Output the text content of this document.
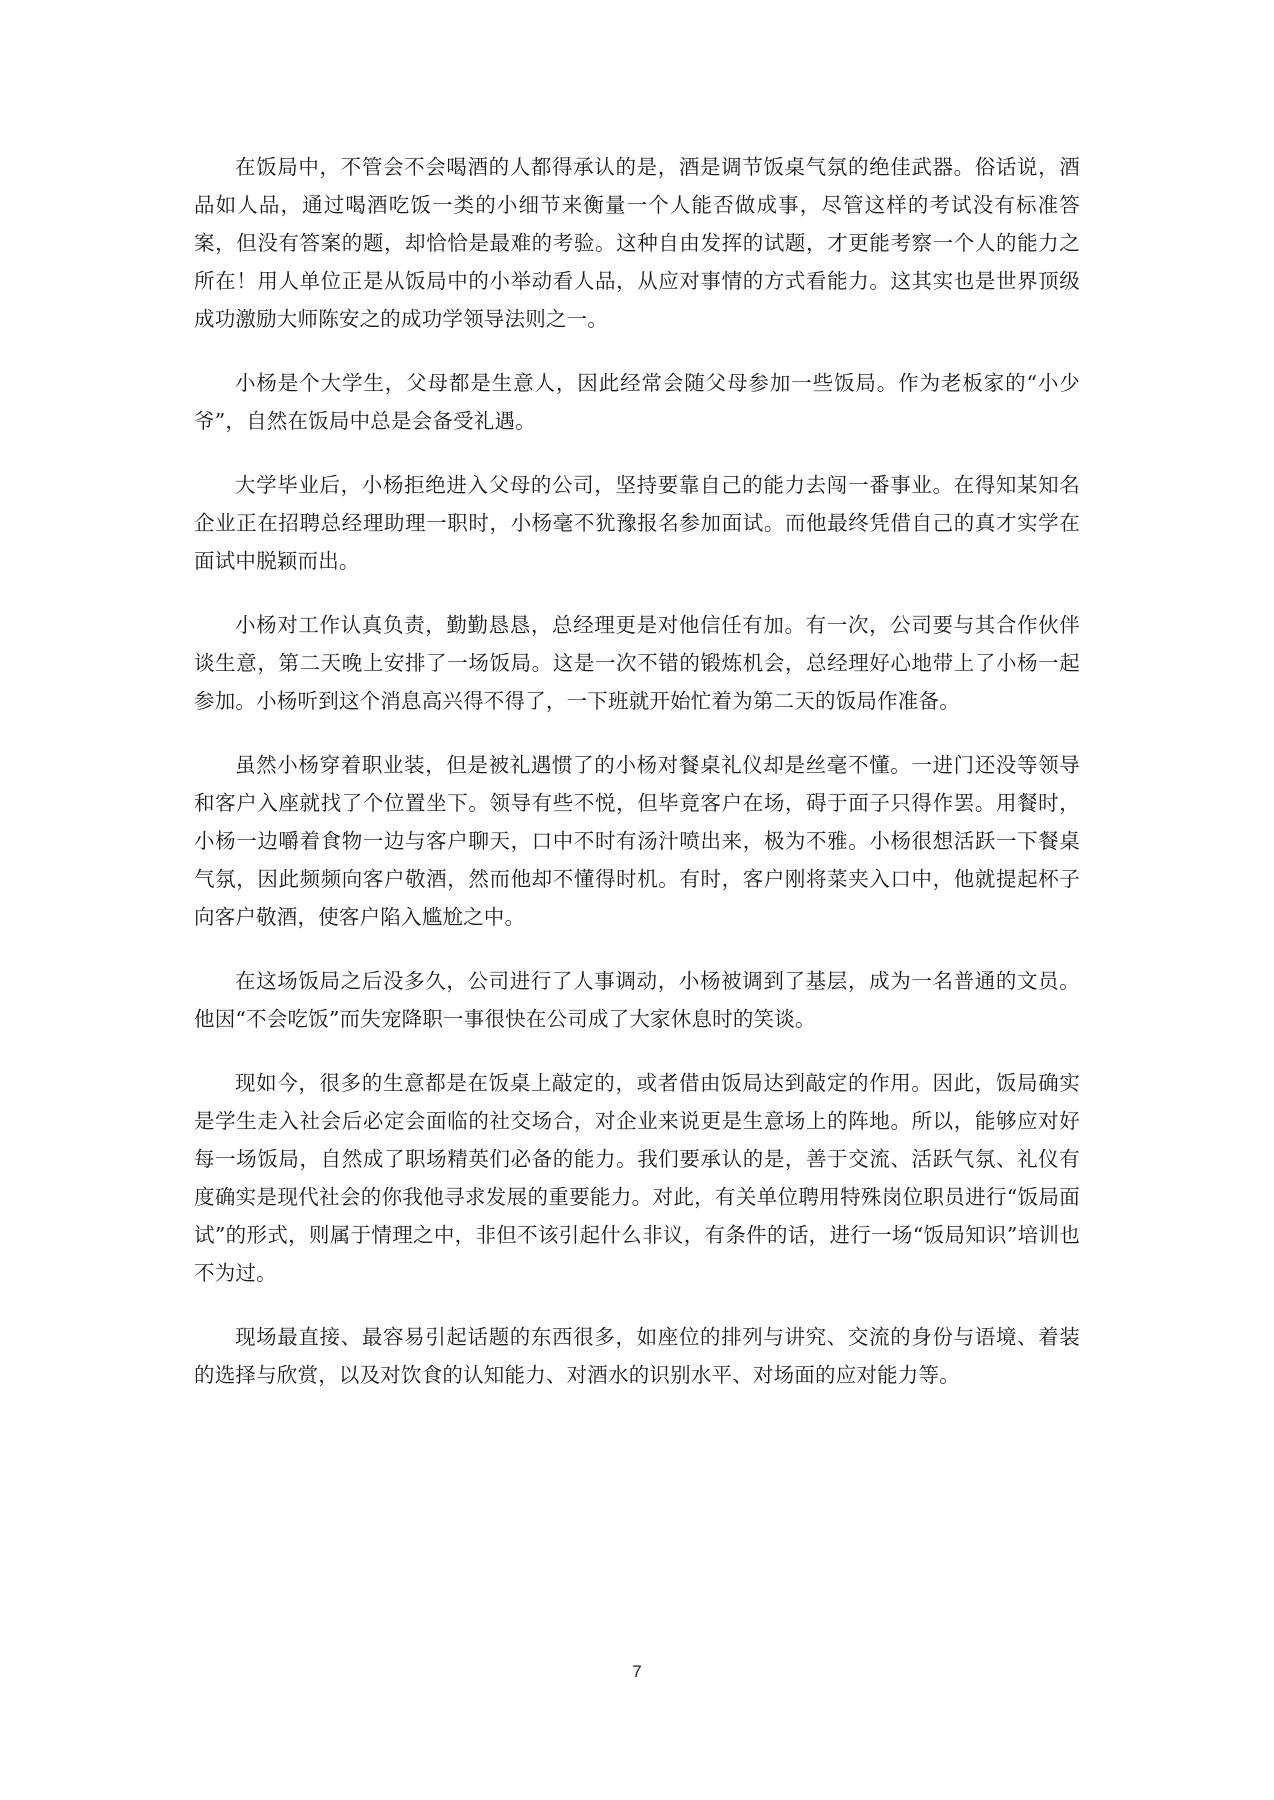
在饭局中，不管会不会喝酒的人都得承认的是，酒是调节饭桌气氛的绝佳武器。俗话说，酒品如人品，通过喝酒吃饭一类的小细节来衡量一个人能否做成事，尽管这样的考试没有标准答案，但没有答案的题，却恰恰是最难的考验。这种自由发挥的试题，才更能考察一个人的能力之所在！用人单位正是从饭局中的小举动看人品，从应对事情的方式看能力。这其实也是世界顶级成功激励大师陈安之的成功学领导法则之一。

小杨是个大学生，父母都是生意人，因此经常会随父母参加一些饭局。作为老板家的“小少爷”，自然在饭局中总是会备受礼遇。

大学毕业后，小杨拒绝进入父母的公司，坚持要靠自己的能力去闯一番事业。在得知某知名企业正在招聘总经理助理一职时，小杨毫不犹豫报名参加面试。而他最终凭借自己的真才实学在面试中脱颖而出。

小杨对工作认真负责，勤勤恳恳，总经理更是对他信任有加。有一次，公司要与其合作伙伴谈生意，第二天晚上安排了一场饭局。这是一次不错的锻炼机会，总经理好心地带上了小杨一起参加。小杨听到这个消息高兴得不得了，一下班就开始忙着为第二天的饭局作准备。

虽然小杨穿着职业装，但是被礼遇惯了的小杨对餐桌礼仪却是丝毫不懂。一进门还没等领导和客户入座就找了个位置坐下。领导有些不悦，但毕竟客户在场，碍于面子只得作罢。用餐时，小杨一边嚼着食物一边与客户聊天，口中不时有汤汁喷出来，极为不雅。小杨很想活跃一下餐桌气氛，因此频频向客户敬酒，然而他却不懂得时机。有时，客户刚将菜夹入口中，他就提起杯子向客户敬酒，使客户陷入尴尬之中。

在这场饭局之后没多久，公司进行了人事调动，小杨被调到了基层，成为一名普通的文员。他因“不会吃饭”而失宠降职一事很快在公司成了大家休息时的笑谈。

现如今，很多的生意都是在饭桌上敲定的，或者借由饭局达到敲定的作用。因此，饭局确实是学生走入社会后必定会面临的社交场合，对企业来说更是生意场上的阵地。所以，能够应对好每一场饭局，自然成了职场精英们必备的能力。我们要承认的是，善于交流、活跃气氛、礼仪有度确实是现代社会的你我他寻求发展的重要能力。对此，有关单位聘用特殊岗位职员进行“饭局面试”的形式，则属于情理之中，非但不该引起什么非议，有条件的话，进行一场“饭局知识”培训也不为过。

现场最直接、最容易引起话题的东西很多，如座位的排列与讲究、交流的身份与语境、着装的选择与欣赏，以及对饮食的认知能力、对酒水的识别水平、对场面的应对能力等。

7
